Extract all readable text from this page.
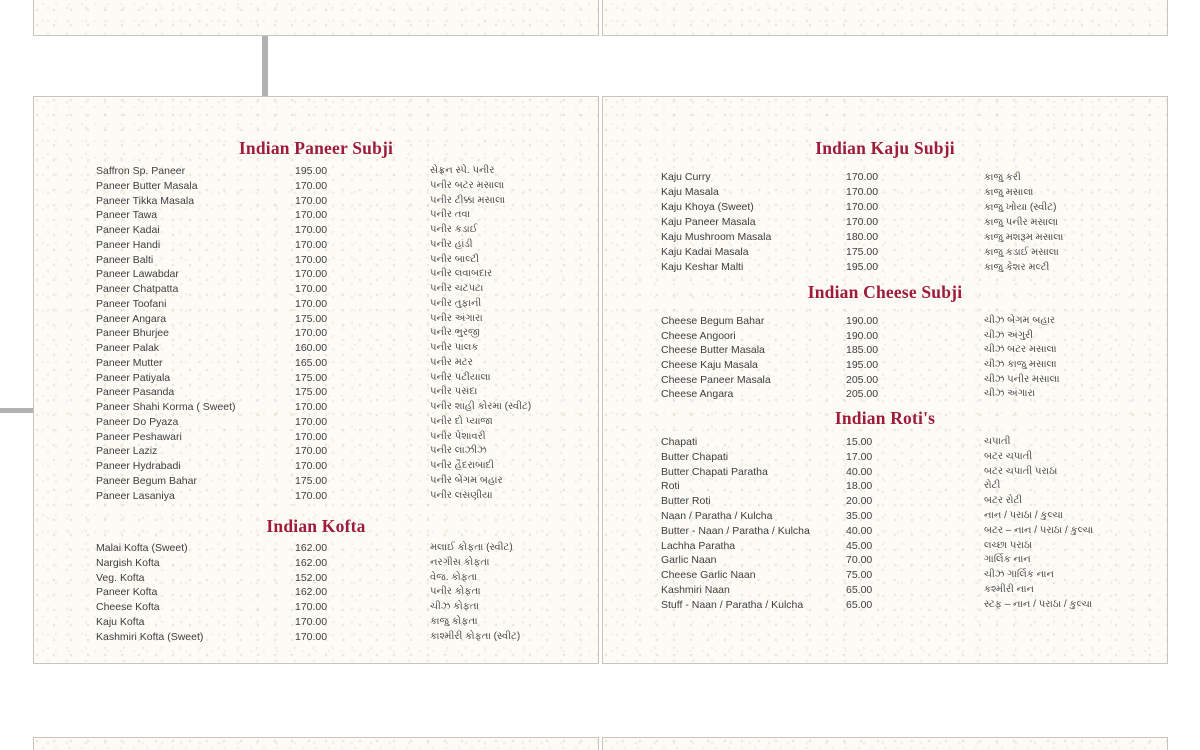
Indian Paneer Subji
Saffron Sp. Paneer	195.00	સેફ્રન સ્પે. પનીર
Paneer Butter Masala	170.00	પનીર બટર મસાલા
Paneer Tikka Masala	170.00	પનીર ટીક્કા મસાલા
Paneer Tawa	170.00	પનીર તવા
Paneer Kadai	170.00	પનીર કડાઈ
Paneer Handi	170.00	પનીર હાંડી
Paneer Balti	170.00	પનીર બાલ્ટી
Paneer Lawabdar	170.00	પનીર લવાબદાર
Paneer Chatpatta	170.00	પનીર ચટપટા
Paneer Toofani	170.00	પનીર તુફાની
Paneer Angara	175.00	પનીર અંગારા
Paneer Bhurjee	170.00	પનીર ભુરજી
Paneer Palak	160.00	પનીર પાલક
Paneer Mutter	165.00	પનીર મટર
Paneer Patiyala	175.00	પનીર પટીયાલા
Paneer Pasanda	175.00	પનીર પસંદા
Paneer Shahi Korma ( Sweet)	170.00	પનીર શાહી કોરમા (સ્વીટ)
Paneer Do Pyaza	170.00	પનીર દો પ્યાજા
Paneer Peshawari	170.00	પનીર પેશાવરી
Paneer Laziz	170.00	પનીર લાઝીઝ
Paneer Hydrabadi	170.00	પનીર હૈદરાબાદી
Paneer Begum Bahar	175.00	પનીર બેગમ બહાર
Paneer Lasaniya	170.00	પનીર લસણીયા
Indian Kofta
Malai Kofta (Sweet)	162.00	મલાઈ કોફતા (સ્વીટ)
Nargish Kofta	162.00	નરગીસ કોફતા
Veg. Kofta	152.00	વેજ. કોફતા
Paneer Kofta	162.00	પનીર કોફતા
Cheese Kofta	170.00	ચીઝ કોફતા
Kaju Kofta	170.00	કાજુ કોફતા
Kashmiri Kofta (Sweet)	170.00	કાશ્મીરી કોફતા (સ્વીટ)
Indian Kaju Subji
Kaju Curry	170.00	કાજુ કરી
Kaju Masala	170.00	કાજુ મસાલા
Kaju Khoya (Sweet)	170.00	કાજુ ખોયા (સ્વીટ)
Kaju Paneer Masala	170.00	કાજુ પનીર મસાલા
Kaju Mushroom Masala	180.00	કાજુ મશરૂમ મસાલા
Kaju Kadai Masala	175.00	કાજુ કડાઈ મસાલા
Kaju Keshar Malti	195.00	કાજુ કેશર મલ્ટી
Indian Cheese Subji
Cheese Begum Bahar	190.00	ચીઝ બેગમ બહાર
Cheese Angoori	190.00	ચીઝ અંગુરી
Cheese Butter Masala	185.00	ચીઝ બટર મસાલા
Cheese Kaju Masala	195.00	ચીઝ કાજુ મસાલા
Cheese Paneer Masala	205.00	ચીઝ પનીર મસાલા
Cheese Angara	205.00	ચીઝ અંગારા
Indian Roti's
Chapati	15.00	ચપાતી
Butter Chapati	17.00	બટર ચપાતી
Butter Chapati Paratha	40.00	બટર ચપાતી પરાઠા
Roti	18.00	રોટી
Butter Roti	20.00	બટર રોટી
Naan / Paratha / Kulcha	35.00	નાન / પરાઠા / કુલ્ચા
Butter - Naan / Paratha / Kulcha	40.00	બટર – નાન / પરાઠા / કુલ્ચા
Lachha Paratha	45.00	લચ્છા પરાઠા
Garlic Naan	70.00	ગાર્લિક નાન
Cheese Garlic Naan	75.00	ચીઝ ગાર્લિક નાન
Kashmiri Naan	65.00	કશ્મીરી નાન
Stuff - Naan / Paratha / Kulcha	65.00	સ્ટફ – નાન / પરાઠા / કુલ્ચા
